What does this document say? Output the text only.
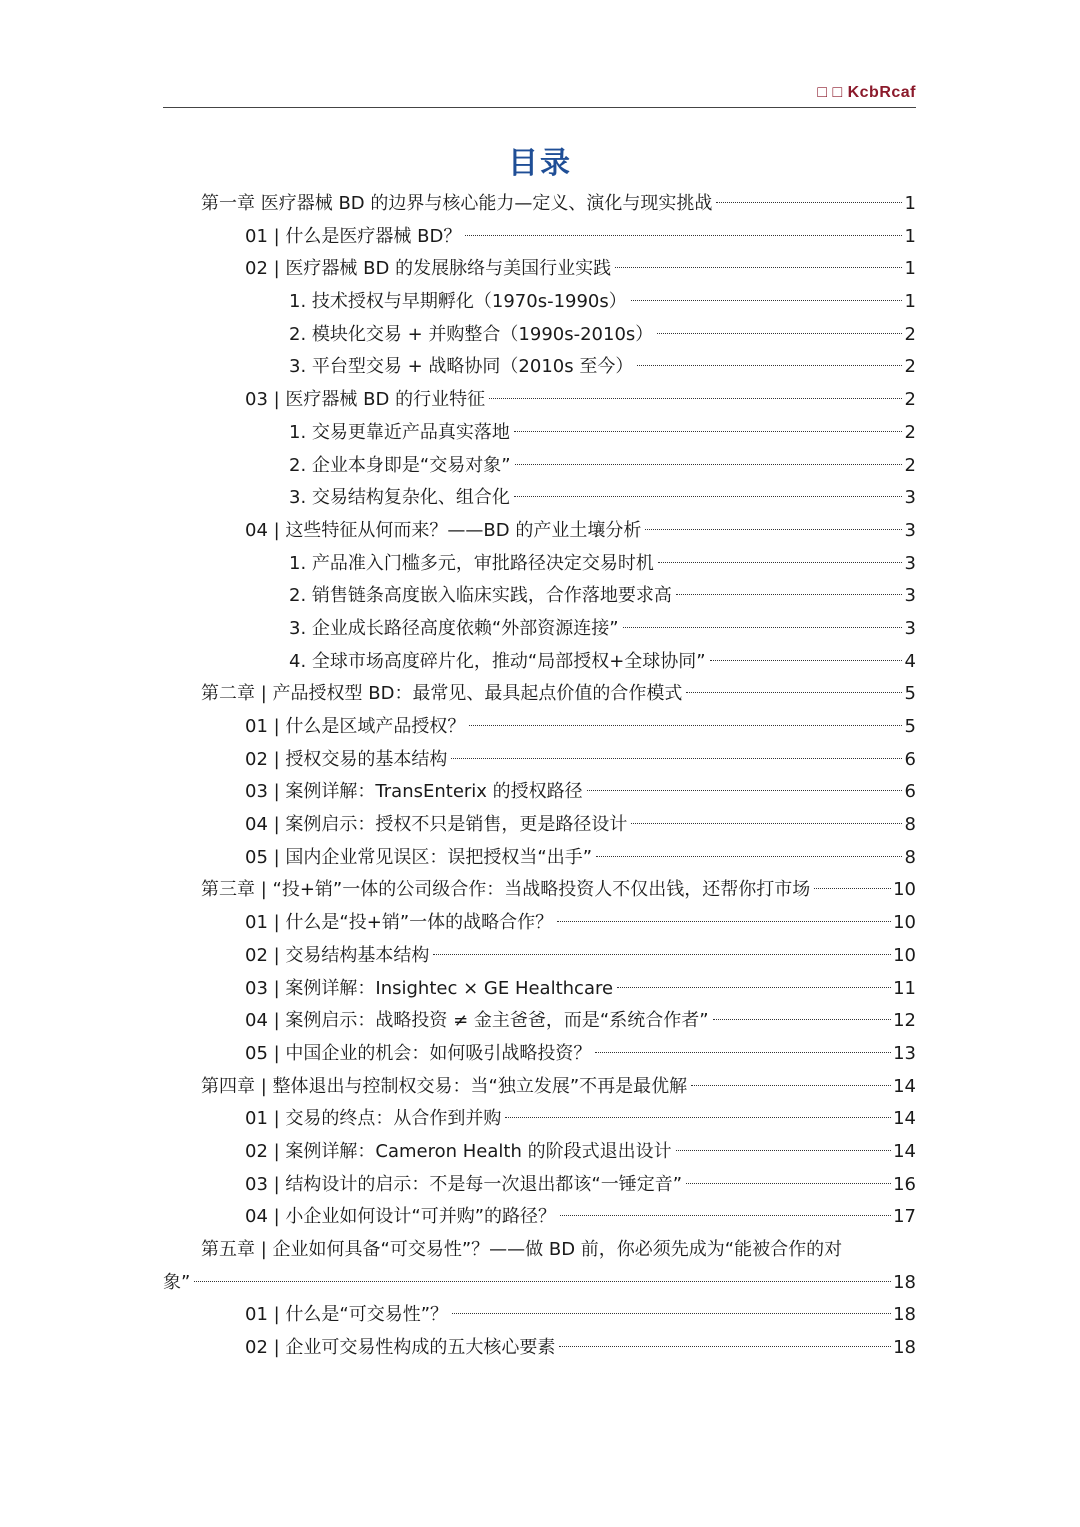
□ □ KcbRcaf
目录
第一章 医疗器械 BD 的边界与核心能力—定义、演化与现实挑战	1
01 | 什么是医疗器械 BD？	1
02 | 医疗器械 BD 的发展脉络与美国行业实践	1
1. 技术授权与早期孵化（1970s-1990s）	1
2. 模块化交易 + 并购整合（1990s-2010s）	2
3. 平台型交易 + 战略协同（2010s 至今）	2
03 | 医疗器械 BD 的行业特征	2
1. 交易更靠近产品真实落地	2
2. 企业本身即是“交易对象”	2
3. 交易结构复杂化、组合化	3
04 | 这些特征从何而来？——BD 的产业土壤分析	3
1. 产品准入门槛多元，审批路径决定交易时机	3
2. 销售链条高度嵌入临床实践，合作落地要求高	3
3. 企业成长路径高度依赖“外部资源连接”	3
4. 全球市场高度碎片化，推动“局部授权+全球协同”	4
第二章 | 产品授权型 BD：最常见、最具起点价值的合作模式	5
01 | 什么是区域产品授权？	5
02 | 授权交易的基本结构	6
03 | 案例详解：TransEnterix 的授权路径	6
04 | 案例启示：授权不只是销售，更是路径设计	8
05 | 国内企业常见误区：误把授权当“出手”	8
第三章 | “投+销”一体的公司级合作：当战略投资人不仅出钱，还帮你打市场	10
01 | 什么是“投+销”一体的战略合作？	10
02 | 交易结构基本结构	10
03 | 案例详解：Insightec × GE Healthcare	11
04 | 案例启示：战略投资 ≠ 金主爸爸，而是“系统合作者”	12
05 | 中国企业的机会：如何吸引战略投资？	13
第四章 | 整体退出与控制权交易：当“独立发展”不再是最优解	14
01 | 交易的终点：从合作到并购	14
02 | 案例详解：Cameron Health 的阶段式退出设计	14
03 | 结构设计的启示：不是每一次退出都该“一锤定音”	16
04 | 小企业如何设计“可并购”的路径？	17
第五章 | 企业如何具备“可交易性”？——做 BD 前，你必须先成为“能被合作的对
象”	18
01 | 什么是“可交易性”？	18
02 | 企业可交易性构成的五大核心要素	18
